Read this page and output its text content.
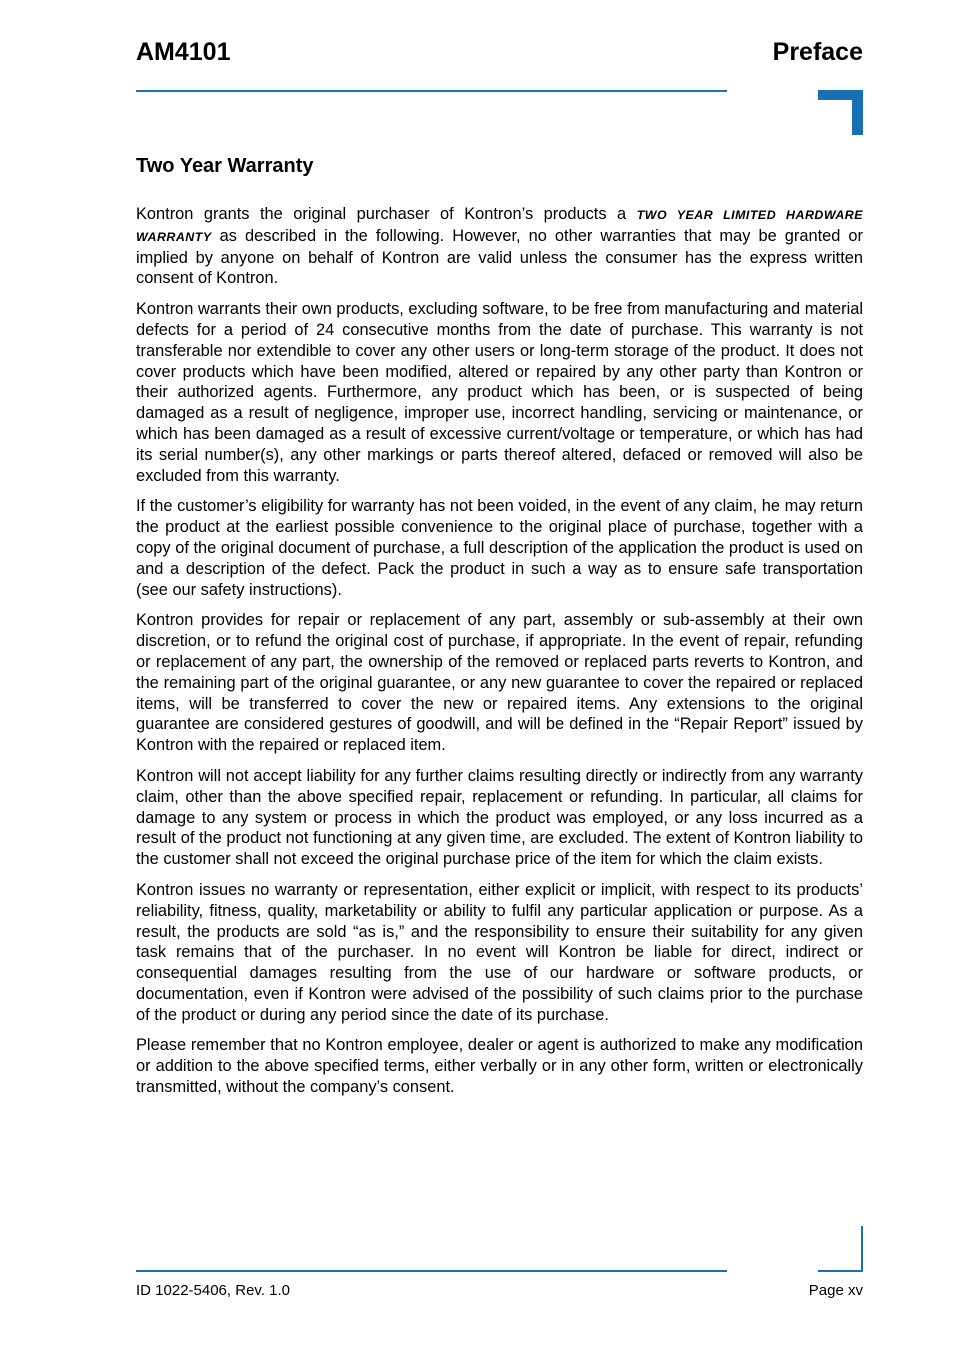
AM4101	Preface
Two Year Warranty

Kontron grants the original purchaser of Kontron’s products a TWO YEAR LIMITED HARDWARE WARRANTY as described in the following. However, no other warranties that may be granted or implied by anyone on behalf of Kontron are valid unless the consumer has the express written consent of Kontron.

Kontron warrants their own products, excluding software, to be free from manufacturing and material defects for a period of 24 consecutive months from the date of purchase. This warranty is not transferable nor extendible to cover any other users or long-term storage of the product. It does not cover products which have been modified, altered or repaired by any other party than Kontron or their authorized agents. Furthermore, any product which has been, or is suspected of being damaged as a result of negligence, improper use, incorrect handling, servicing or maintenance, or which has been damaged as a result of excessive current/voltage or temperature, or which has had its serial number(s), any other markings or parts thereof altered, defaced or removed will also be excluded from this warranty.

If the customer’s eligibility for warranty has not been voided, in the event of any claim, he may return the product at the earliest possible convenience to the original place of purchase, together with a copy of the original document of purchase, a full description of the application the product is used on and a description of the defect. Pack the product in such a way as to ensure safe transportation (see our safety instructions).

Kontron provides for repair or replacement of any part, assembly or sub-assembly at their own discretion, or to refund the original cost of purchase, if appropriate. In the event of repair, refunding or replacement of any part, the ownership of the removed or replaced parts reverts to Kontron, and the remaining part of the original guarantee, or any new guarantee to cover the repaired or replaced items, will be transferred to cover the new or repaired items. Any extensions to the original guarantee are considered gestures of goodwill, and will be defined in the “Repair Report” issued by Kontron with the repaired or replaced item.

Kontron will not accept liability for any further claims resulting directly or indirectly from any warranty claim, other than the above specified repair, replacement or refunding. In particular, all claims for damage to any system or process in which the product was employed, or any loss incurred as a result of the product not functioning at any given time, are excluded. The extent of Kontron liability to the customer shall not exceed the original purchase price of the item for which the claim exists.

Kontron issues no warranty or representation, either explicit or implicit, with respect to its products’ reliability, fitness, quality, marketability or ability to fulfil any particular application or purpose. As a result, the products are sold “as is,” and the responsibility to ensure their suitability for any given task remains that of the purchaser. In no event will Kontron be liable for direct, indirect or consequential damages resulting from the use of our hardware or software products, or documentation, even if Kontron were advised of the possibility of such claims prior to the purchase of the product or during any period since the date of its purchase.

Please remember that no Kontron employee, dealer or agent is authorized to make any modification or addition to the above specified terms, either verbally or in any other form, written or electronically transmitted, without the company’s consent.

ID 1022-5406, Rev. 1.0	Page xv
